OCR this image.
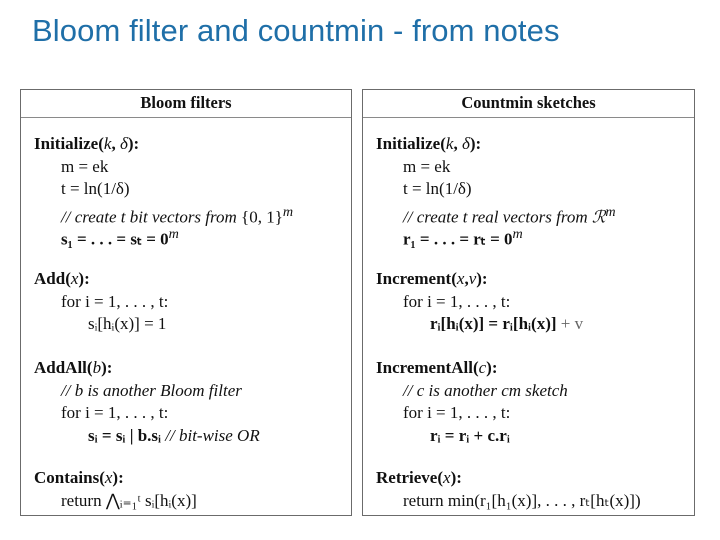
Bloom filter and countmin - from notes
Bloom filters
Initialize(k, δ):
m = ek
t = ln(1/δ)
// create t bit vectors from {0, 1}$^m$
s₁ = . . . = $s_t = 0^m$
Add(x):
for i = 1, . . . , t:
sᵢ[hᵢ(x)] = 1
AddAll(b):
// b is another Bloom filter
for i = 1, . . . , t:
sᵢ = sᵢ | b.sᵢ // bit-wise OR
Contains(x):
return ⋀ᵢ₌₁ᵗ sᵢ[hᵢ(x)]
Countmin sketches
Initialize(k, δ):
m = ek
t = ln(1/δ)
// create t real vectors from ℛ$^m$
r₁ = . . . = $r_t = 0^m$
Increment(x,v):
for i = 1, . . . , t:
rᵢ[hᵢ(x)] = rᵢ[hᵢ(x)] + v
IncrementAll(c):
// c is another cm sketch
for i = 1, . . . , t:
rᵢ = rᵢ + c.rᵢ
Retrieve(x):
return min(r₁[h₁(x)], . . . , rₜ[hₜ(x)])
